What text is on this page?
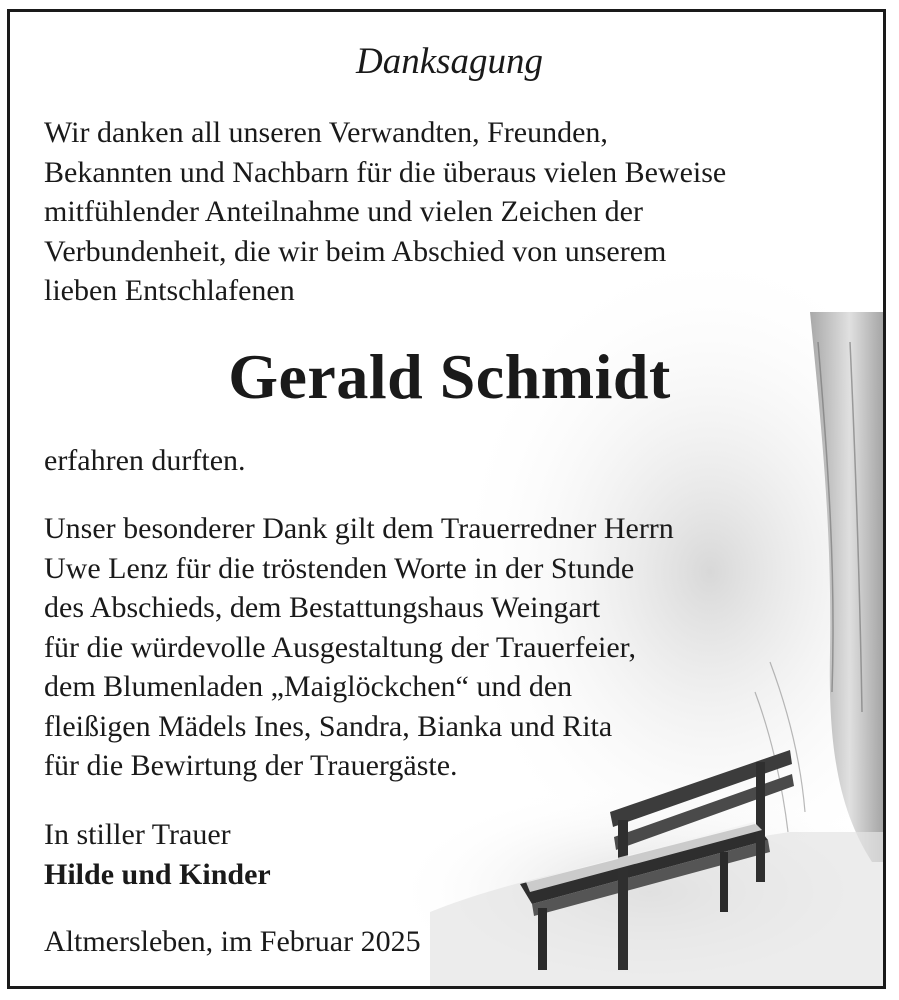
Danksagung
Wir danken all unseren Verwandten, Freunden,
Bekannten und Nachbarn für die überaus vielen Beweise
mitfühlender Anteilnahme und vielen Zeichen der
Verbundenheit, die wir beim Abschied von unserem
lieben Entschlafenen
Gerald Schmidt
erfahren durften.
Unser besonderer Dank gilt dem Trauerredner Herrn
Uwe Lenz für die tröstenden Worte in der Stunde
des Abschieds, dem Bestattungshaus Weingart
für die würdevolle Ausgestaltung der Trauerfeier,
dem Blumenladen „Maiglöckchen“ und den
fleißigen Mädels Ines, Sandra, Bianka und Rita
für die Bewirtung der Trauergäste.
In stiller Trauer
Hilde und Kinder
Altmersleben, im Februar 2025
